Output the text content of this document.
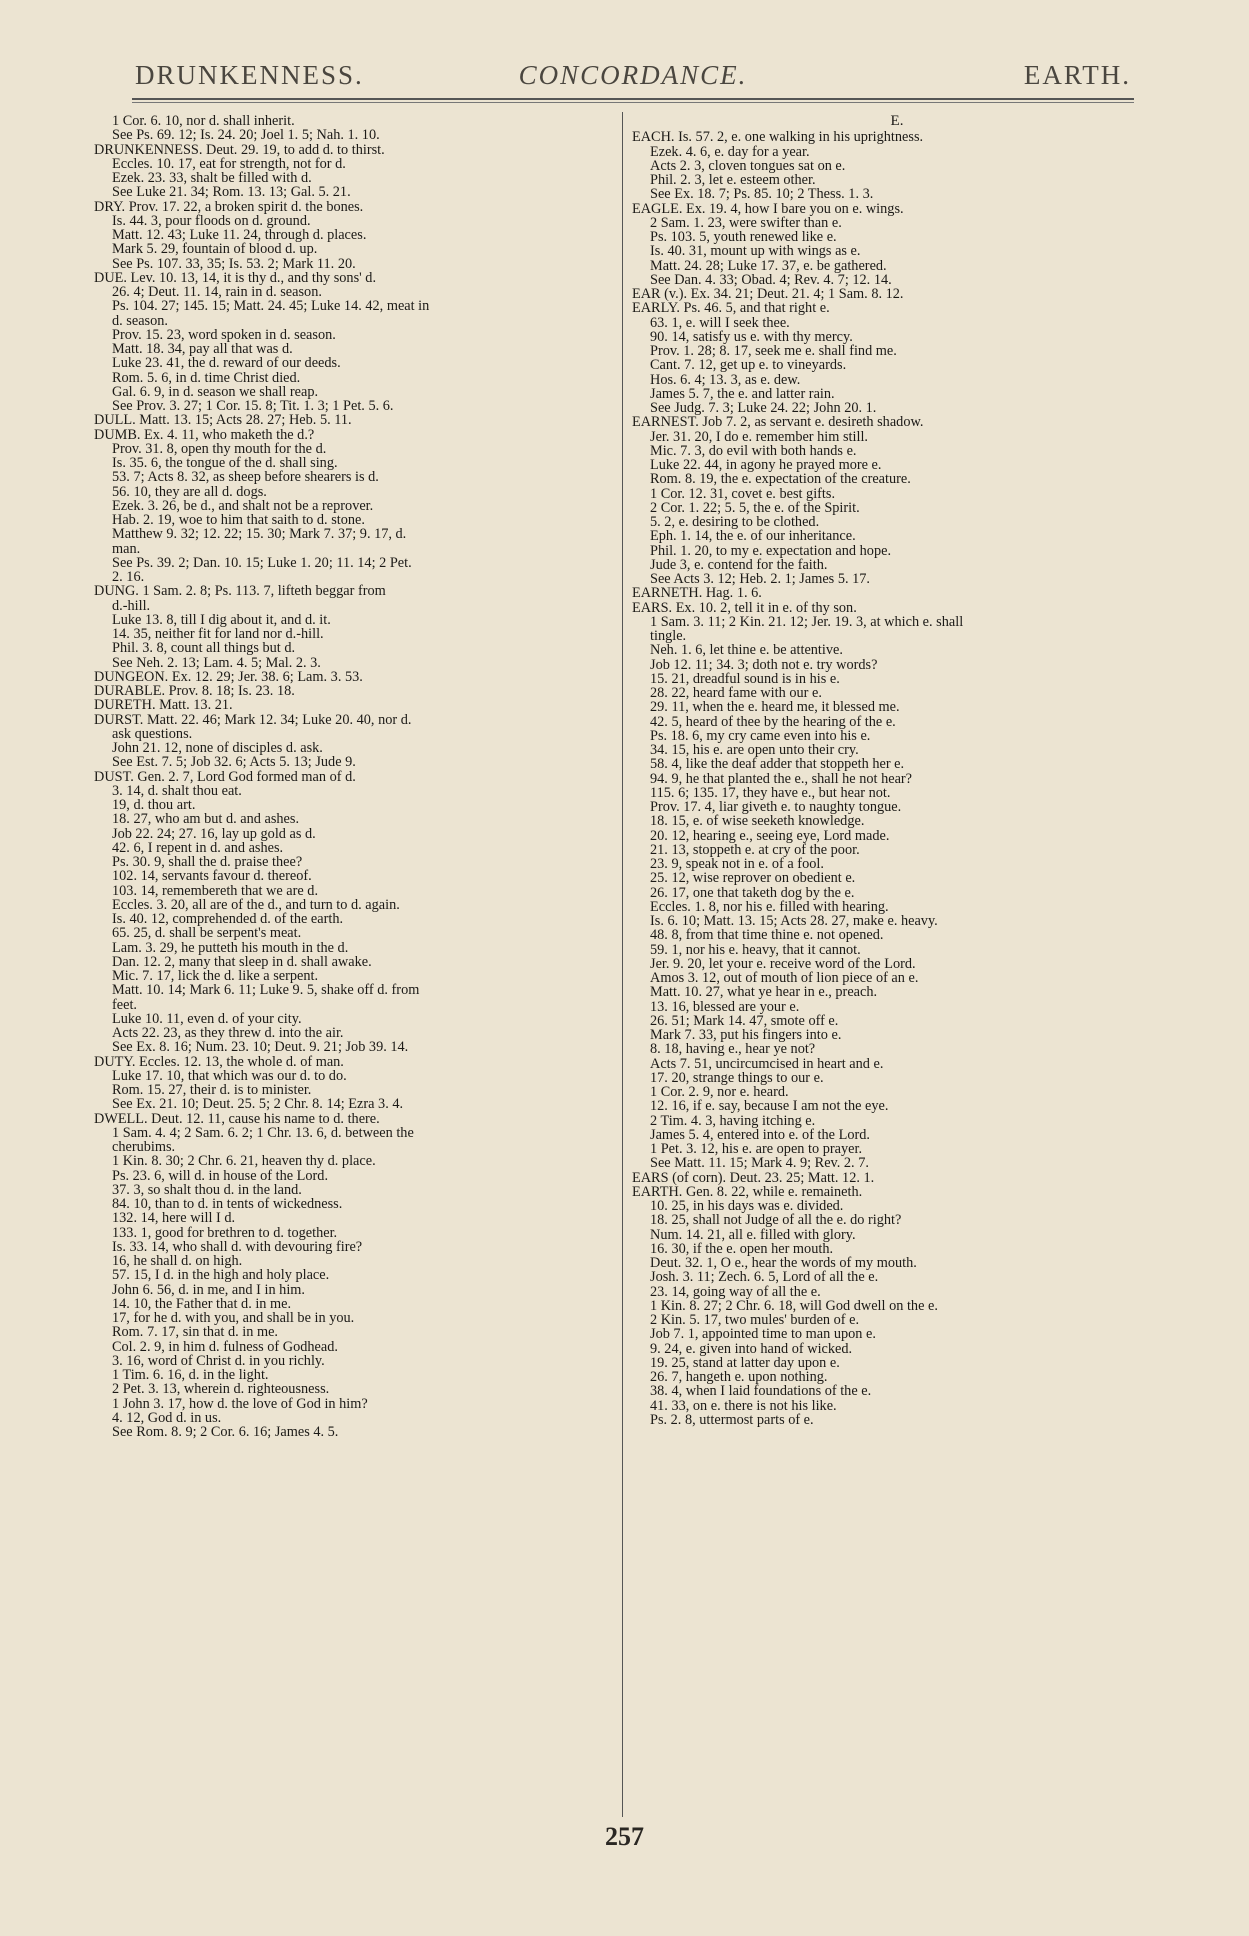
DRUNKENNESS.	CONCORDANCE.	EARTH.
1 Cor. 6. 10, nor d. shall inherit.
See Ps. 69. 12; Is. 24. 20; Joel 1. 5; Nah. 1. 10.
DRUNKENNESS. Deut. 29. 19, to add d. to thirst.
Eccles. 10. 17, eat for strength, not for d.
Ezek. 23. 33, shalt be filled with d.
See Luke 21. 34; Rom. 13. 13; Gal. 5. 21.
DRY. Prov. 17. 22, a broken spirit d. the bones.
Is. 44. 3, pour floods on d. ground.
Matt. 12. 43; Luke 11. 24, through d. places.
Mark 5. 29, fountain of blood d. up.
See Ps. 107. 33, 35; Is. 53. 2; Mark 11. 20.
DUE. Lev. 10. 13, 14, it is thy d., and thy sons' d.
26. 4; Deut. 11. 14, rain in d. season.
Ps. 104. 27; 145. 15; Matt. 24. 45; Luke 14. 42, meat in
d. season.
Prov. 15. 23, word spoken in d. season.
Matt. 18. 34, pay all that was d.
Luke 23. 41, the d. reward of our deeds.
Rom. 5. 6, in d. time Christ died.
Gal. 6. 9, in d. season we shall reap.
See Prov. 3. 27; 1 Cor. 15. 8; Tit. 1. 3; 1 Pet. 5. 6.
DULL. Matt. 13. 15; Acts 28. 27; Heb. 5. 11.
DUMB. Ex. 4. 11, who maketh the d.?
Prov. 31. 8, open thy mouth for the d.
Is. 35. 6, the tongue of the d. shall sing.
53. 7; Acts 8. 32, as sheep before shearers is d.
56. 10, they are all d. dogs.
Ezek. 3. 26, be d., and shalt not be a reprover.
Hab. 2. 19, woe to him that saith to d. stone.
Matthew 9. 32; 12. 22; 15. 30; Mark 7. 37; 9. 17, d.
man.
See Ps. 39. 2; Dan. 10. 15; Luke 1. 20; 11. 14; 2 Pet.
2. 16.
DUNG. 1 Sam. 2. 8; Ps. 113. 7, lifteth beggar from
d.-hill.
Luke 13. 8, till I dig about it, and d. it.
14. 35, neither fit for land nor d.-hill.
Phil. 3. 8, count all things but d.
See Neh. 2. 13; Lam. 4. 5; Mal. 2. 3.
DUNGEON. Ex. 12. 29; Jer. 38. 6; Lam. 3. 53.
DURABLE. Prov. 8. 18; Is. 23. 18.
DURETH. Matt. 13. 21.
DURST. Matt. 22. 46; Mark 12. 34; Luke 20. 40, nor d.
ask questions.
John 21. 12, none of disciples d. ask.
See Est. 7. 5; Job 32. 6; Acts 5. 13; Jude 9.
DUST. Gen. 2. 7, Lord God formed man of d.
3. 14, d. shalt thou eat.
19, d. thou art.
18. 27, who am but d. and ashes.
Job 22. 24; 27. 16, lay up gold as d.
42. 6, I repent in d. and ashes.
Ps. 30. 9, shall the d. praise thee?
102. 14, servants favour d. thereof.
103. 14, remembereth that we are d.
Eccles. 3. 20, all are of the d., and turn to d. again.
Is. 40. 12, comprehended d. of the earth.
65. 25, d. shall be serpent's meat.
Lam. 3. 29, he putteth his mouth in the d.
Dan. 12. 2, many that sleep in d. shall awake.
Mic. 7. 17, lick the d. like a serpent.
Matt. 10. 14; Mark 6. 11; Luke 9. 5, shake off d. from
feet.
Luke 10. 11, even d. of your city.
Acts 22. 23, as they threw d. into the air.
See Ex. 8. 16; Num. 23. 10; Deut. 9. 21; Job 39. 14.
DUTY. Eccles. 12. 13, the whole d. of man.
Luke 17. 10, that which was our d. to do.
Rom. 15. 27, their d. is to minister.
See Ex. 21. 10; Deut. 25. 5; 2 Chr. 8. 14; Ezra 3. 4.
DWELL. Deut. 12. 11, cause his name to d. there.
1 Sam. 4. 4; 2 Sam. 6. 2; 1 Chr. 13. 6, d. between the
cherubims.
1 Kin. 8. 30; 2 Chr. 6. 21, heaven thy d. place.
Ps. 23. 6, will d. in house of the Lord.
37. 3, so shalt thou d. in the land.
84. 10, than to d. in tents of wickedness.
132. 14, here will I d.
133. 1, good for brethren to d. together.
Is. 33. 14, who shall d. with devouring fire?
16, he shall d. on high.
57. 15, I d. in the high and holy place.
John 6. 56, d. in me, and I in him.
14. 10, the Father that d. in me.
17, for he d. with you, and shall be in you.
Rom. 7. 17, sin that d. in me.
Col. 2. 9, in him d. fulness of Godhead.
3. 16, word of Christ d. in you richly.
1 Tim. 6. 16, d. in the light.
2 Pet. 3. 13, wherein d. righteousness.
1 John 3. 17, how d. the love of God in him?
4. 12, God d. in us.
See Rom. 8. 9; 2 Cor. 6. 16; James 4. 5.
E.
EACH. Is. 57. 2, e. one walking in his uprightness.
Ezek. 4. 6, e. day for a year.
Acts 2. 3, cloven tongues sat on e.
Phil. 2. 3, let e. esteem other.
See Ex. 18. 7; Ps. 85. 10; 2 Thess. 1. 3.
EAGLE. Ex. 19. 4, how I bare you on e. wings.
2 Sam. 1. 23, were swifter than e.
Ps. 103. 5, youth renewed like e.
Is. 40. 31, mount up with wings as e.
Matt. 24. 28; Luke 17. 37, e. be gathered.
See Dan. 4. 33; Obad. 4; Rev. 4. 7; 12. 14.
EAR (v.). Ex. 34. 21; Deut. 21. 4; 1 Sam. 8. 12.
EARLY. Ps. 46. 5, and that right e.
63. 1, e. will I seek thee.
90. 14, satisfy us e. with thy mercy.
Prov. 1. 28; 8. 17, seek me e. shall find me.
Cant. 7. 12, get up e. to vineyards.
Hos. 6. 4; 13. 3, as e. dew.
James 5. 7, the e. and latter rain.
See Judg. 7. 3; Luke 24. 22; John 20. 1.
EARNEST. Job 7. 2, as servant e. desireth shadow.
Jer. 31. 20, I do e. remember him still.
Mic. 7. 3, do evil with both hands e.
Luke 22. 44, in agony he prayed more e.
Rom. 8. 19, the e. expectation of the creature.
1 Cor. 12. 31, covet e. best gifts.
2 Cor. 1. 22; 5. 5, the e. of the Spirit.
5. 2, e. desiring to be clothed.
Eph. 1. 14, the e. of our inheritance.
Phil. 1. 20, to my e. expectation and hope.
Jude 3, e. contend for the faith.
See Acts 3. 12; Heb. 2. 1; James 5. 17.
EARNETH. Hag. 1. 6.
EARS. Ex. 10. 2, tell it in e. of thy son.
1 Sam. 3. 11; 2 Kin. 21. 12; Jer. 19. 3, at which e. shall
tingle.
Neh. 1. 6, let thine e. be attentive.
Job 12. 11; 34. 3; doth not e. try words?
15. 21, dreadful sound is in his e.
28. 22, heard fame with our e.
29. 11, when the e. heard me, it blessed me.
42. 5, heard of thee by the hearing of the e.
Ps. 18. 6, my cry came even into his e.
34. 15, his e. are open unto their cry.
58. 4, like the deaf adder that stoppeth her e.
94. 9, he that planted the e., shall he not hear?
115. 6; 135. 17, they have e., but hear not.
Prov. 17. 4, liar giveth e. to naughty tongue.
18. 15, e. of wise seeketh knowledge.
20. 12, hearing e., seeing eye, Lord made.
21. 13, stoppeth e. at cry of the poor.
23. 9, speak not in e. of a fool.
25. 12, wise reprover on obedient e.
26. 17, one that taketh dog by the e.
Eccles. 1. 8, nor his e. filled with hearing.
Is. 6. 10; Matt. 13. 15; Acts 28. 27, make e. heavy.
48. 8, from that time thine e. not opened.
59. 1, nor his e. heavy, that it cannot.
Jer. 9. 20, let your e. receive word of the Lord.
Amos 3. 12, out of mouth of lion piece of an e.
Matt. 10. 27, what ye hear in e., preach.
13. 16, blessed are your e.
26. 51; Mark 14. 47, smote off e.
Mark 7. 33, put his fingers into e.
8. 18, having e., hear ye not?
Acts 7. 51, uncircumcised in heart and e.
17. 20, strange things to our e.
1 Cor. 2. 9, nor e. heard.
12. 16, if e. say, because I am not the eye.
2 Tim. 4. 3, having itching e.
James 5. 4, entered into e. of the Lord.
1 Pet. 3. 12, his e. are open to prayer.
See Matt. 11. 15; Mark 4. 9; Rev. 2. 7.
EARS (of corn). Deut. 23. 25; Matt. 12. 1.
EARTH. Gen. 8. 22, while e. remaineth.
10. 25, in his days was e. divided.
18. 25, shall not Judge of all the e. do right?
Num. 14. 21, all e. filled with glory.
16. 30, if the e. open her mouth.
Deut. 32. 1, O e., hear the words of my mouth.
Josh. 3. 11; Zech. 6. 5, Lord of all the e.
23. 14, going way of all the e.
1 Kin. 8. 27; 2 Chr. 6. 18, will God dwell on the e.
2 Kin. 5. 17, two mules' burden of e.
Job 7. 1, appointed time to man upon e.
9. 24, e. given into hand of wicked.
19. 25, stand at latter day upon e.
26. 7, hangeth e. upon nothing.
38. 4, when I laid foundations of the e.
41. 33, on e. there is not his like.
Ps. 2. 8, uttermost parts of e.
257
